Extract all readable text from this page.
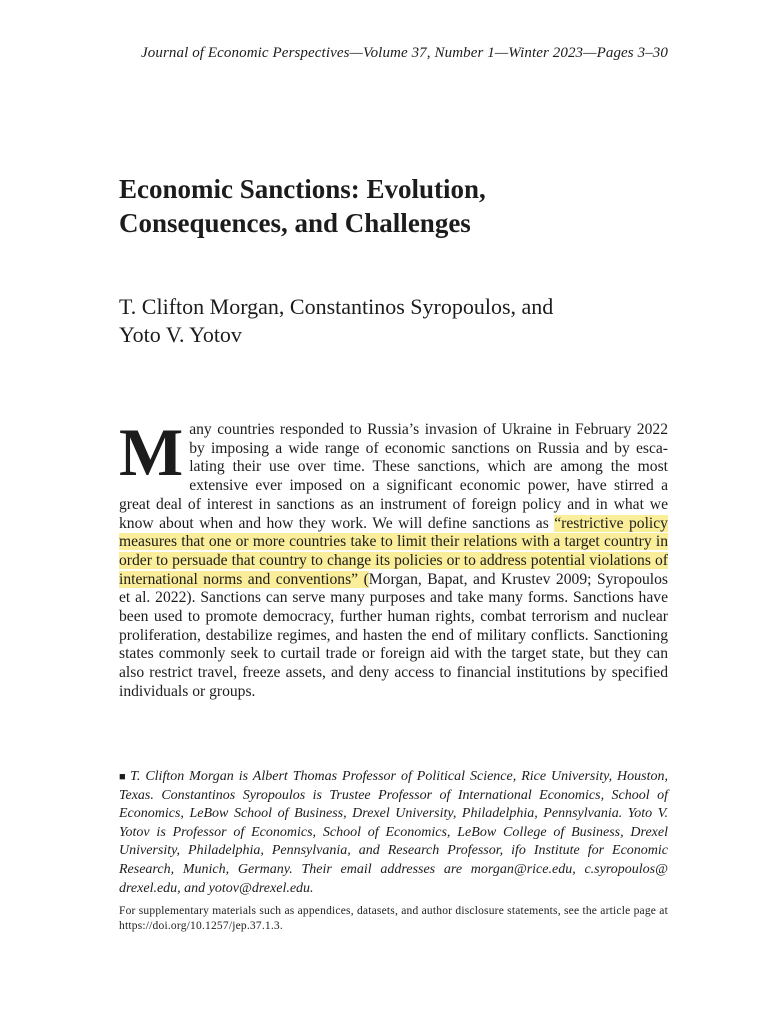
Journal of Economic Perspectives—Volume 37, Number 1—Winter 2023—Pages 3–30
Economic Sanctions: Evolution,
Consequences, and Challenges
T. Clifton Morgan, Constantinos Syropoulos, and
Yoto V. Yotov

Many countries responded to Russia’s invasion of Ukraine in February 2022 by imposing a wide range of economic sanctions on Russia and by escalating their use over time. These sanctions, which are among the most extensive ever imposed on a significant economic power, have stirred a great deal of interest in sanctions as an instrument of foreign policy and in what we know about when and how they work. We will define sanctions as “restrictive policy measures that one or more countries take to limit their relations with a target country in order to persuade that country to change its policies or to address potential violations of international norms and conventions” (Morgan, Bapat, and Krustev 2009; Syropoulos et al. 2022). Sanctions can serve many purposes and take many forms. Sanctions have been used to promote democracy, further human rights, combat terrorism and nuclear proliferation, destabilize regimes, and hasten the end of military conflicts. Sanctioning states commonly seek to curtail trade or foreign aid with the target state, but they can also restrict travel, freeze assets, and deny access to financial institutions by specified individuals or groups.

■ T. Clifton Morgan is Albert Thomas Professor of Political Science, Rice University, Houston, Texas. Constantinos Syropoulos is Trustee Professor of International Economics, School of Economics, LeBow School of Business, Drexel University, Philadelphia, Pennsylvania. Yoto V. Yotov is Professor of Economics, School of Economics, LeBow College of Business, Drexel University, Philadelphia, Pennsylvania, and Research Professor, ifo Institute for Economic Research, Munich, Germany. Their email addresses are morgan@rice.edu, c.syropoulos@ drexel.edu, and yotov@drexel.edu.

For supplementary materials such as appendices, datasets, and author disclosure statements, see the article page at https://doi.org/10.1257/jep.37.1.3.
